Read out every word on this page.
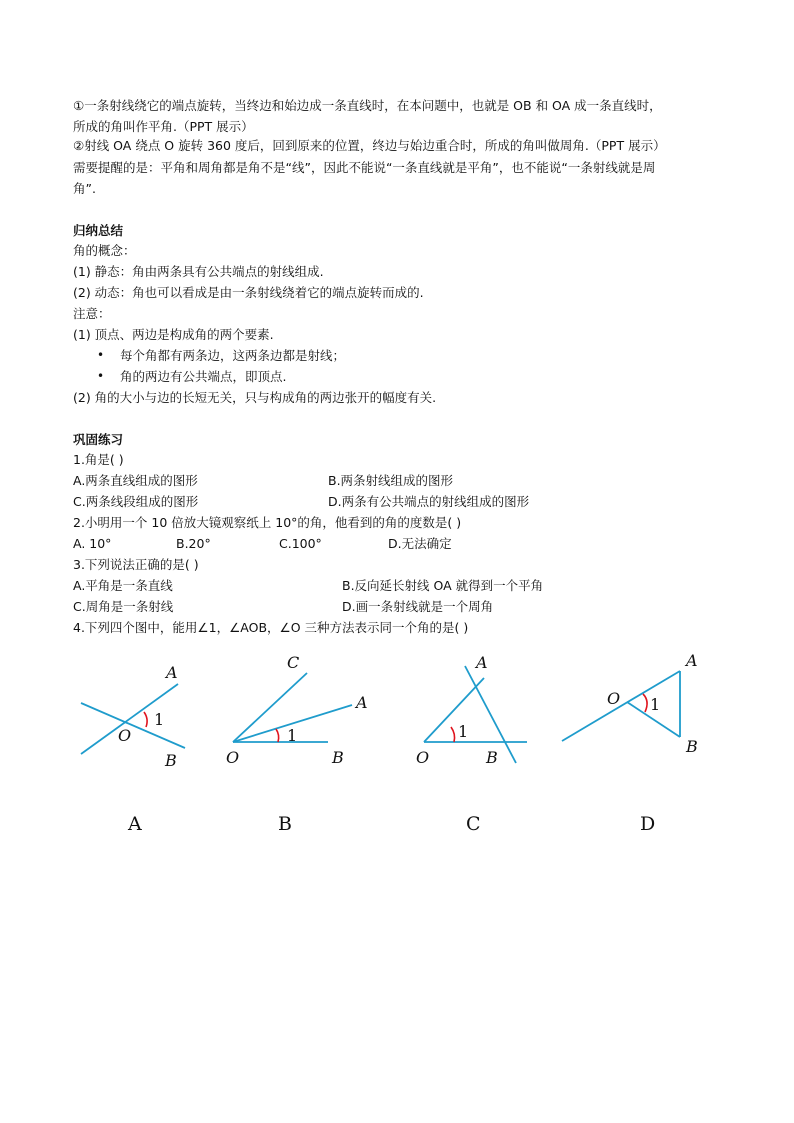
①一条射线绕它的端点旋转，当终边和始边成一条直线时，在本问题中，也就是 OB 和 OA 成一条直线时，
所成的角叫作平角.（PPT 展示）
②射线 OA 绕点 O 旋转 360 度后，回到原来的位置，终边与始边重合时，所成的角叫做周角.（PPT 展示）
需要提醒的是：平角和周角都是角不是“线”，因此不能说“一条直线就是平角”，也不能说“一条射线就是周
角”.
归纳总结
角的概念：
(1) 静态：角由两条具有公共端点的射线组成.
(2) 动态：角也可以看成是由一条射线绕着它的端点旋转而成的.
注意：
(1) 顶点、两边是构成角的两个要素.
• 每个角都有两条边，这两条边都是射线；
• 角的两边有公共端点，即顶点.
(2) 角的大小与边的长短无关，只与构成角的两边张开的幅度有关.
巩固练习
1.角是( )
A.两条直线组成的图形	B.两条射线组成的图形
C.两条线段组成的图形	D.两条有公共端点的射线组成的图形
2.小明用一个 10 倍放大镜观察纸上 10°的角，他看到的角的度数是( )
A. 10°	B.20°	C.100°	D.无法确定
3.下列说法正确的是( )
A.平角是一条直线	B.反向延长射线 OA 就得到一个平角
C.周角是一条射线	D.画一条射线就是一个周角
4.下列四个图中，能用∠1，∠AOB，∠O 三种方法表示同一个角的是( )
A
1
O
B
A
C
A
1
O	B
B
A
1
O	B
C
O 1
A
B
D
